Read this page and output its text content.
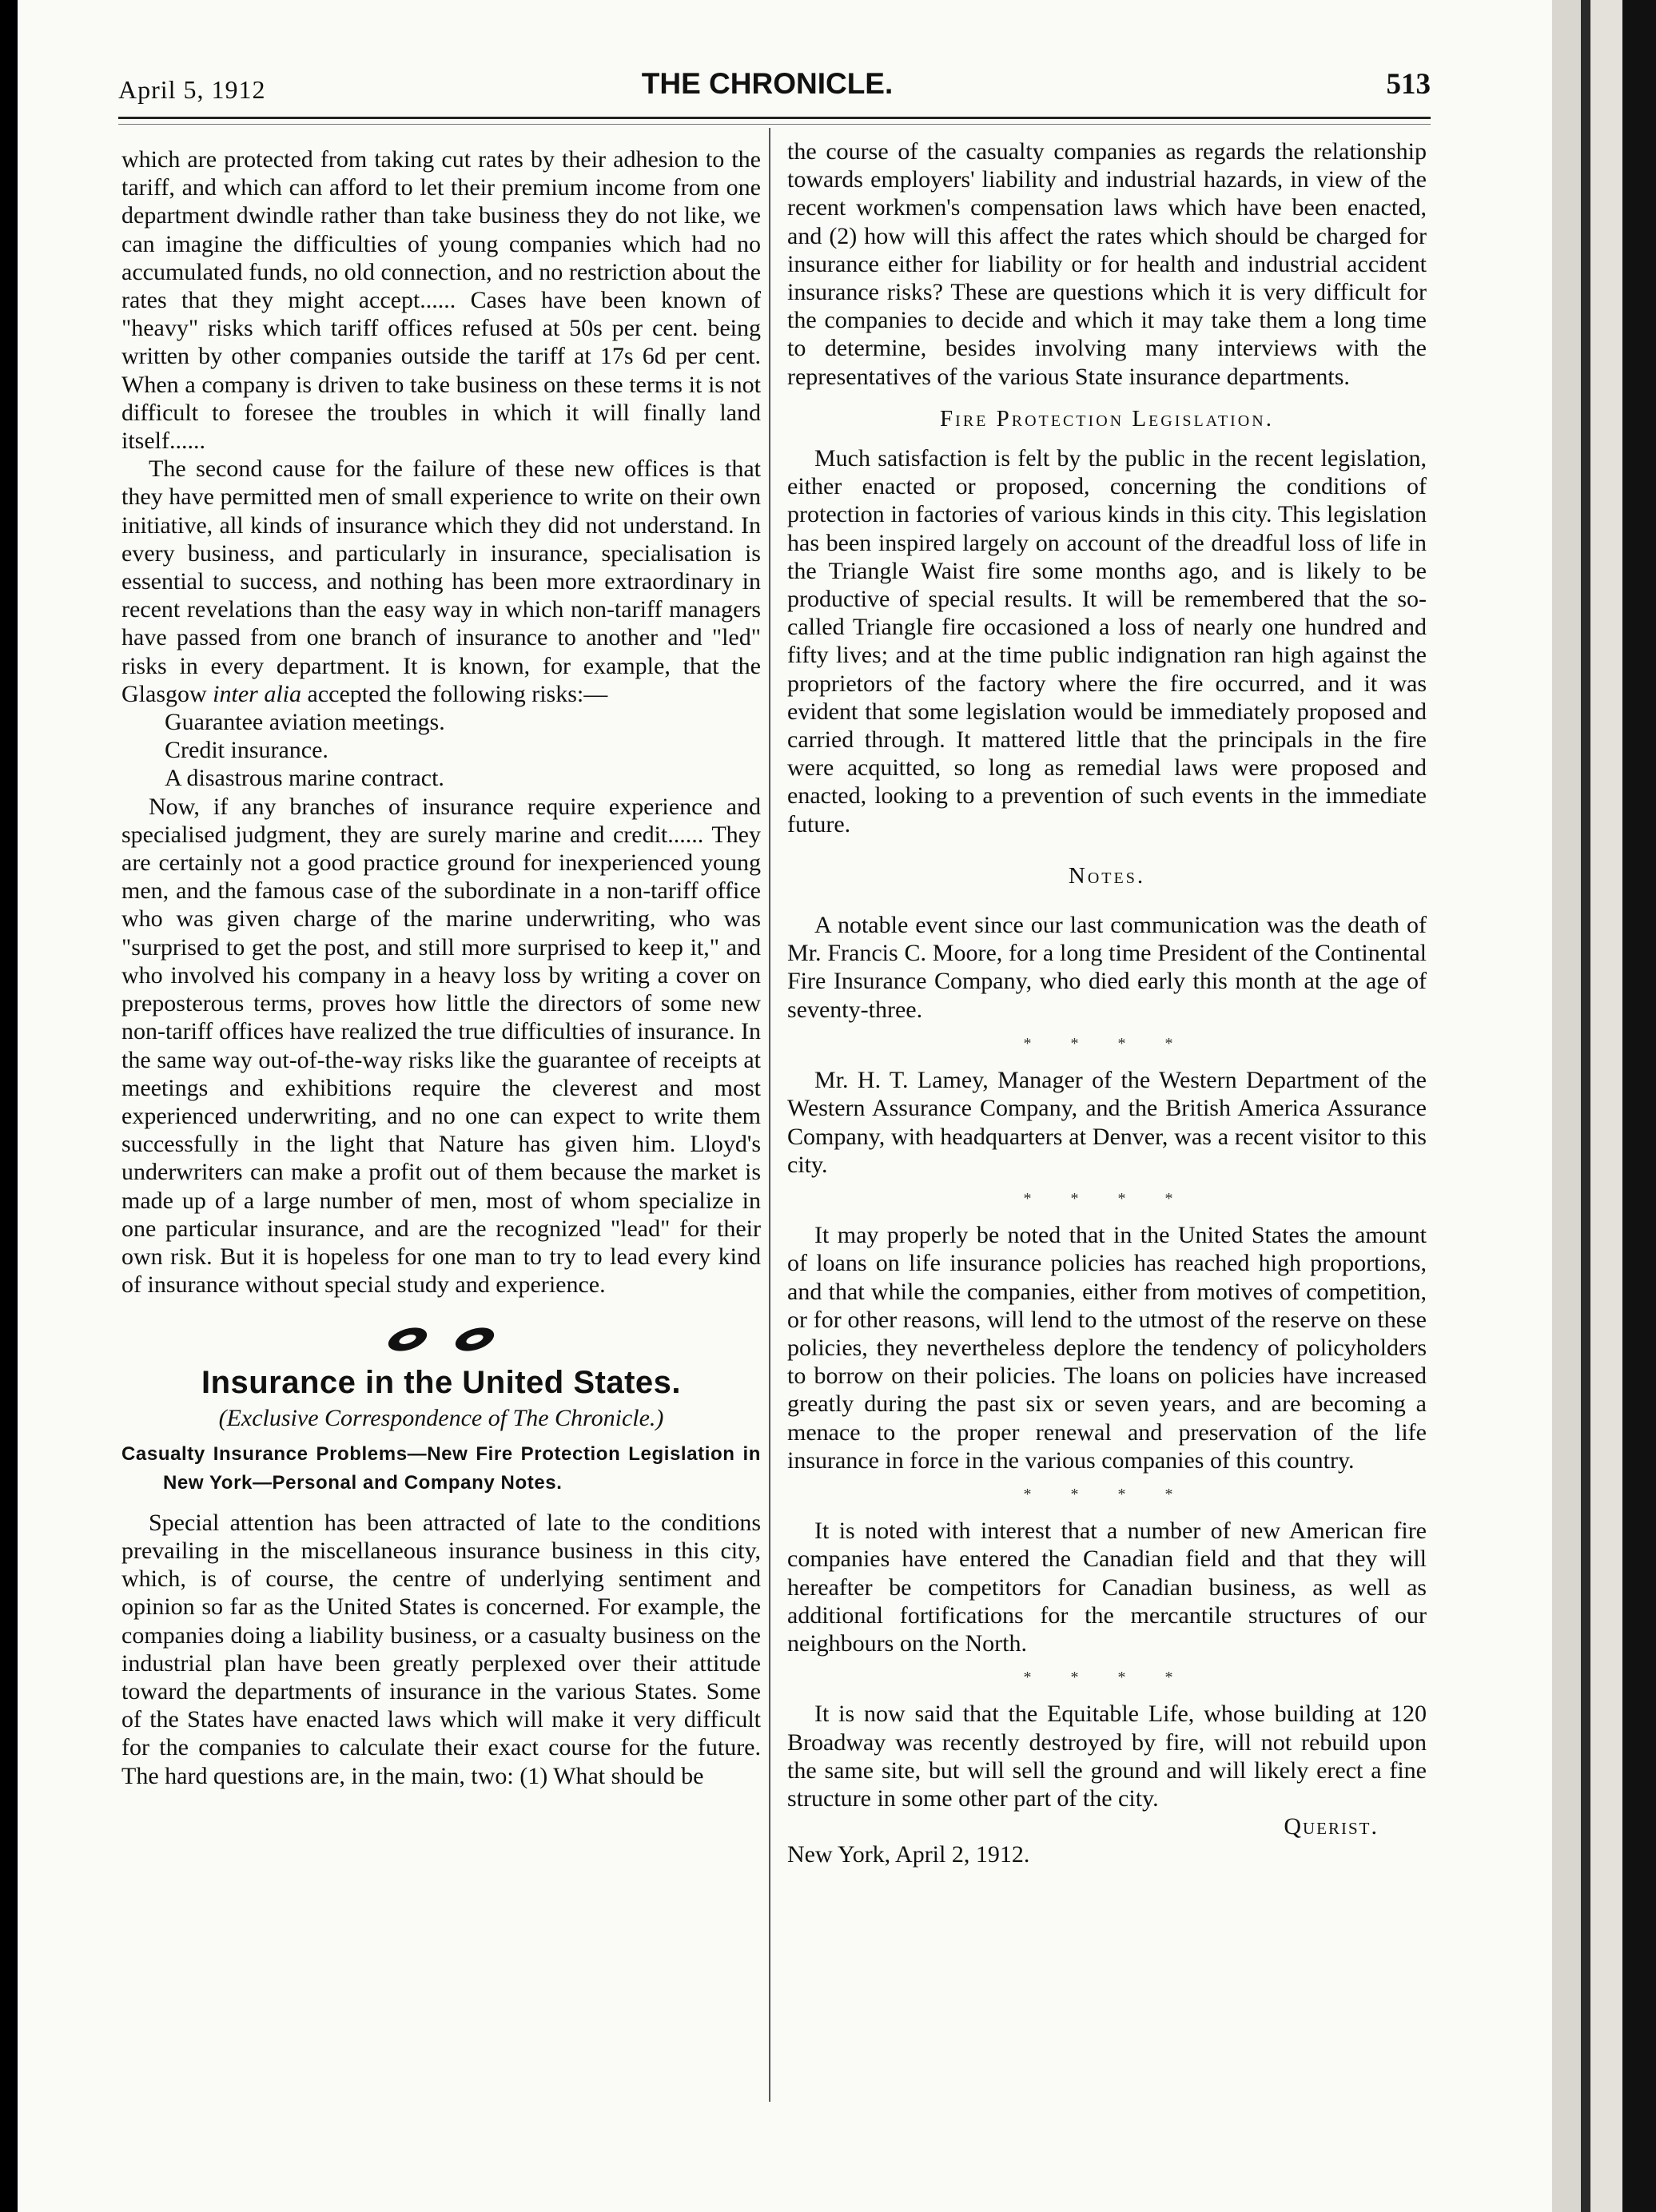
April 5, 1912	THE CHRONICLE.	513

which are protected from taking cut rates by their adhesion to the tariff, and which can afford to let their premium income from one department dwindle rather than take business they do not like, we can imagine the difficulties of young companies which had no accumulated funds, no old connection, and no restriction about the rates that they might accept...... Cases have been known of "heavy" risks which tariff offices refused at 50s per cent. being written by other companies outside the tariff at 17s 6d per cent. When a company is driven to take business on these terms it is not difficult to foresee the troubles in which it will finally land itself......

The second cause for the failure of these new offices is that they have permitted men of small experience to write on their own initiative, all kinds of insurance which they did not understand. In every business, and particularly in insurance, specialisation is essential to success, and nothing has been more extraordinary in recent revelations than the easy way in which non-tariff managers have passed from one branch of insurance to another and "led" risks in every department. It is known, for example, that the Glasgow inter alia accepted the following risks:—

Guarantee aviation meetings.

Credit insurance.

A disastrous marine contract.

Now, if any branches of insurance require experience and specialised judgment, they are surely marine and credit...... They are certainly not a good practice ground for inexperienced young men, and the famous case of the subordinate in a non-tariff office who was given charge of the marine underwriting, who was "surprised to get the post, and still more surprised to keep it," and who involved his company in a heavy loss by writing a cover on preposterous terms, proves how little the directors of some new non-tariff offices have realized the true difficulties of insurance. In the same way out-of-the-way risks like the guarantee of receipts at meetings and exhibitions require the cleverest and most experienced underwriting, and no one can expect to write them successfully in the light that Nature has given him. Lloyd's underwriters can make a profit out of them because the market is made up of a large number of men, most of whom specialize in one particular insurance, and are the recognized "lead" for their own risk. But it is hopeless for one man to try to lead every kind of insurance without special study and experience.

Insurance in the United States.
(Exclusive Correspondence of The Chronicle.)
Casualty Insurance Problems—New Fire Protection Legislation in New York—Personal and Company Notes.

Special attention has been attracted of late to the conditions prevailing in the miscellaneous insurance business in this city, which, is of course, the centre of underlying sentiment and opinion so far as the United States is concerned. For example, the companies doing a liability business, or a casualty business on the industrial plan have been greatly perplexed over their attitude toward the departments of insurance in the various States. Some of the States have enacted laws which will make it very difficult for the companies to calculate their exact course for the future. The hard questions are, in the main, two: (1) What should be

the course of the casualty companies as regards the relationship towards employers' liability and industrial hazards, in view of the recent workmen's compensation laws which have been enacted, and (2) how will this affect the rates which should be charged for insurance either for liability or for health and industrial accident insurance risks? These are questions which it is very difficult for the companies to decide and which it may take them a long time to determine, besides involving many interviews with the representatives of the various State insurance departments.

Fire Protection Legislation.

Much satisfaction is felt by the public in the recent legislation, either enacted or proposed, concerning the conditions of protection in factories of various kinds in this city. This legislation has been inspired largely on account of the dreadful loss of life in the Triangle Waist fire some months ago, and is likely to be productive of special results. It will be remembered that the so-called Triangle fire occasioned a loss of nearly one hundred and fifty lives; and at the time public indignation ran high against the proprietors of the factory where the fire occurred, and it was evident that some legislation would be immediately proposed and carried through. It mattered little that the principals in the fire were acquitted, so long as remedial laws were proposed and enacted, looking to a prevention of such events in the immediate future.

Notes.

A notable event since our last communication was the death of Mr. Francis C. Moore, for a long time President of the Continental Fire Insurance Company, who died early this month at the age of seventy-three.

* * * *

Mr. H. T. Lamey, Manager of the Western Department of the Western Assurance Company, and the British America Assurance Company, with headquarters at Denver, was a recent visitor to this city.

* * * *

It may properly be noted that in the United States the amount of loans on life insurance policies has reached high proportions, and that while the companies, either from motives of competition, or for other reasons, will lend to the utmost of the reserve on these policies, they nevertheless deplore the tendency of policyholders to borrow on their policies. The loans on policies have increased greatly during the past six or seven years, and are becoming a menace to the proper renewal and preservation of the life insurance in force in the various companies of this country.

* * * *

It is noted with interest that a number of new American fire companies have entered the Canadian field and that they will hereafter be competitors for Canadian business, as well as additional fortifications for the mercantile structures of our neighbours on the North.

* * * *

It is now said that the Equitable Life, whose building at 120 Broadway was recently destroyed by fire, will not rebuild upon the same site, but will sell the ground and will likely erect a fine structure in some other part of the city.

Querist.

New York, April 2, 1912.
